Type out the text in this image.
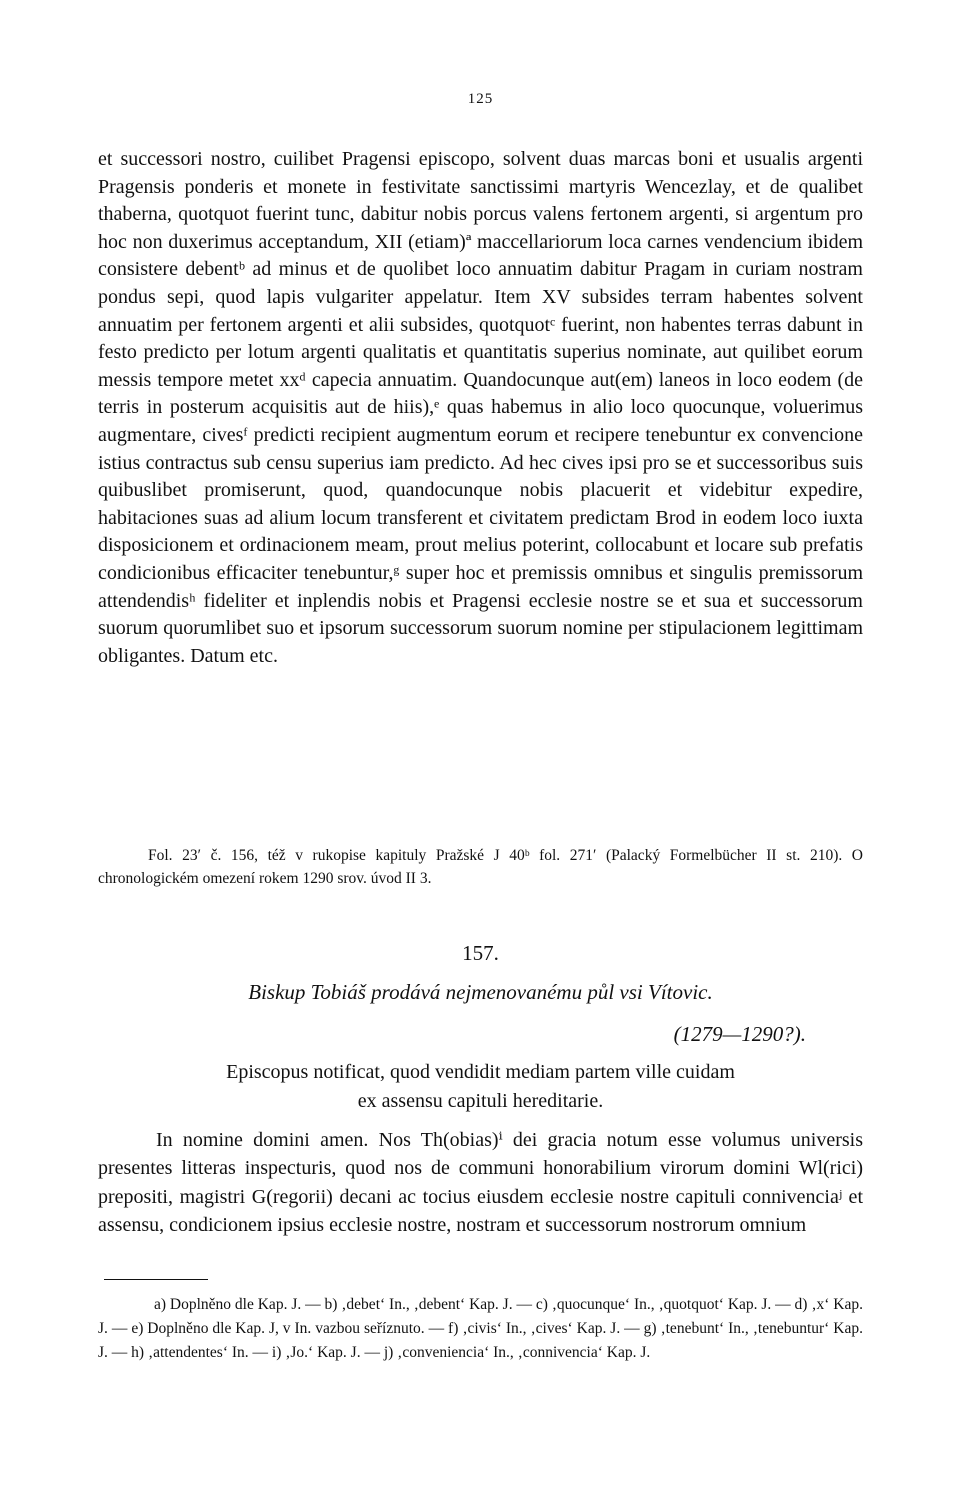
125

et successori nostro, cuilibet Pragensi episcopo, solvent duas marcas boni et usualis argenti Pragensis ponderis et monete in festivitate sanctissimi martyris Wencezlay, et de qualibet thaberna, quotquot fuerint tunc, dabitur nobis porcus valens fertonem argenti, si argentum pro hoc non duxerimus acceptandum, XII (etiam)ª maccellariorum loca carnes vendencium ibidem consistere debentᵇ ad minus et de quolibet loco annuatim dabitur Pragam in curiam nostram pondus sepi, quod lapis vulgariter appelatur. Item XV subsides terram habentes solvent annuatim per fertonem argenti et alii subsides, quotquotᶜ fuerint, non habentes terras dabunt in festo predicto per lotum argenti qualitatis et quantitatis superius nominate, aut quilibet eorum messis tempore metet xxᵈ capecia annuatim. Quandocunque aut(em) laneos in loco eodem (de terris in posterum acquisitis aut de hiis),ᵉ quas habemus in alio loco quocunque, voluerimus augmentare, civesᶠ predicti recipient augmentum eorum et recipere tenebuntur ex convencione istius contractus sub censu superius iam predicto. Ad hec cives ipsi pro se et successoribus suis quibuslibet promiserunt, quod, quandocunque nobis placuerit et videbitur expedire, habitaciones suas ad alium locum transferent et civitatem predictam Brod in eodem loco iuxta disposicionem et ordinacionem meam, prout melius poterint, collocabunt et locare sub prefatis condicionibus efficaciter tenebuntur,ᵍ super hoc et premissis omnibus et singulis premissorum attendendisʰ fideliter et inplendis nobis et Pragensi ecclesie nostre se et sua et successorum suorum quorumlibet suo et ipsorum successorum suorum nomine per stipulacionem legittimam obligantes. Datum etc.

Fol. 23′ č. 156, též v rukopise kapituly Pražské J 40ᵇ fol. 271′ (Palacký Formelbücher II st. 210). O chronologickém omezení rokem 1290 srov. úvod II 3.
157.
Biskup Tobiáš prodává nejmenovanému půl vsi Vítovic.
(1279—1290?).
Episcopus notificat, quod vendidit mediam partem ville cuidam
ex assensu capituli hereditarie.

In nomine domini amen. Nos Th(obias)ⁱ dei gracia notum esse volumus universis presentes litteras inspecturis, quod nos de communi honorabilium virorum domini Wl(rici) prepositi, magistri G(regorii) decani ac tocius eiusdem ecclesie nostre capituli connivenciaʲ et assensu, condicionem ipsius ecclesie nostre, nostram et successorum nostrorum omnium

a) Doplněno dle Kap. J. — b) ‚debet‘ In., ‚debent‘ Kap. J. — c) ‚quocunque‘ In., ‚quotquot‘ Kap. J. — d) ‚x‘ Kap. J. — e) Doplněno dle Kap. J, v In. vazbou seříznuto. — f) ‚civis‘ In., ‚cives‘ Kap. J. — g) ‚tenebunt‘ In., ‚tenebuntur‘ Kap. J. — h) ‚attendentes‘ In. — i) ‚Jo.‘ Kap. J. — j) ‚conveniencia‘ In., ‚connivencia‘ Kap. J.
